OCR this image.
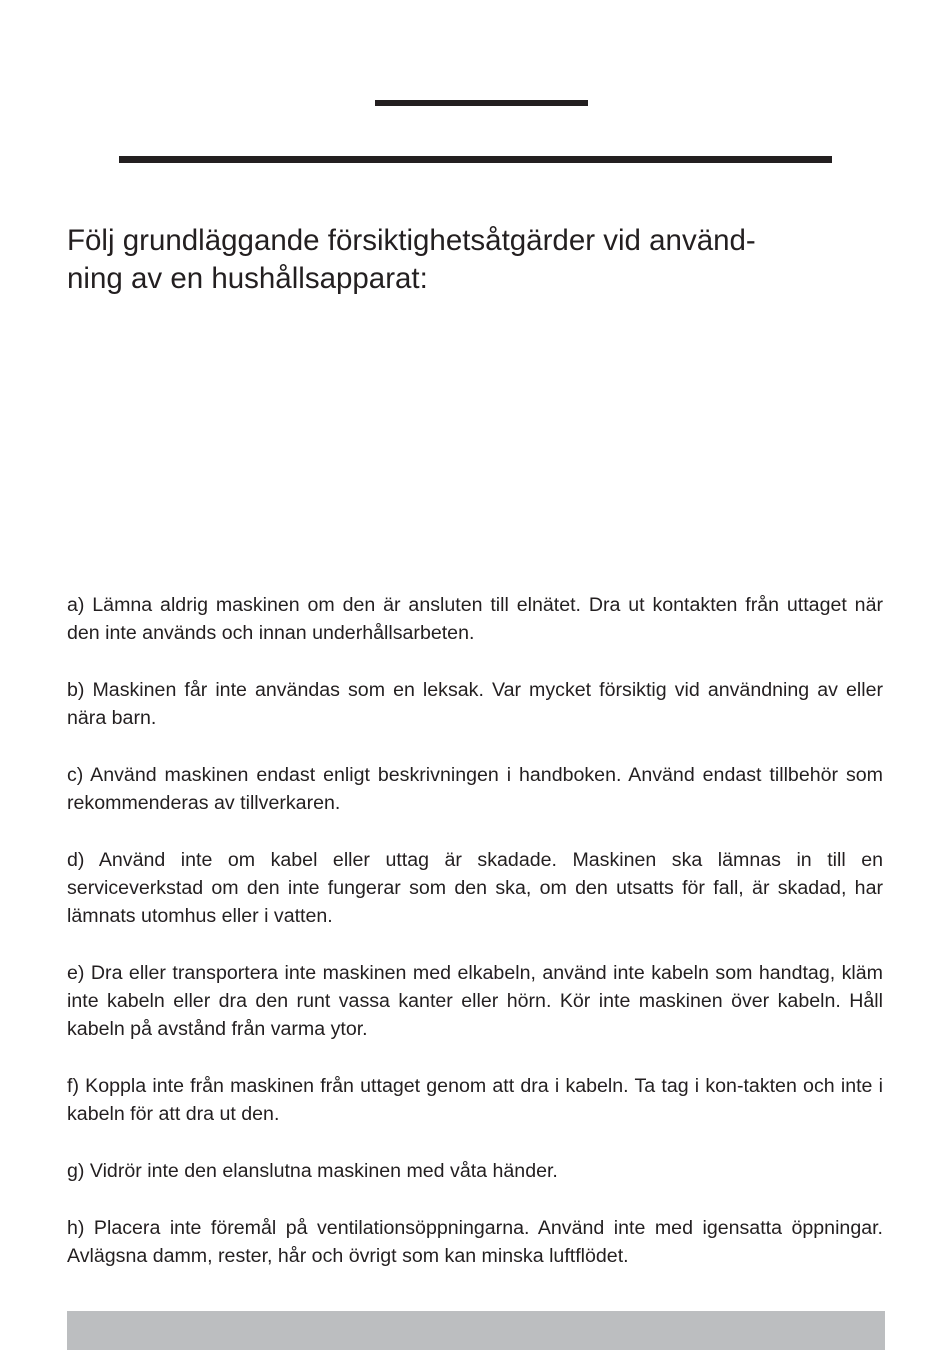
Följ grundläggande försiktighetsåtgärder vid använd-
ning av en hushållsapparat:

a) Lämna aldrig maskinen om den är ansluten till elnätet. Dra ut kontakten från uttaget när den inte används och innan underhållsarbeten.

b) Maskinen får inte användas som en leksak. Var mycket försiktig vid användning av eller nära barn.

c) Använd maskinen endast enligt beskrivningen i handboken. Använd endast tillbehör som rekommenderas av tillverkaren.

d) Använd inte om kabel eller uttag är skadade. Maskinen ska lämnas in till en serviceverkstad om den inte fungerar som den ska, om den utsatts för fall, är skadad, har lämnats utomhus eller i vatten.

e) Dra eller transportera inte maskinen med elkabeln, använd inte kabeln som handtag, kläm inte kabeln eller dra den runt vassa kanter eller hörn. Kör inte maskinen över kabeln. Håll kabeln på avstånd från varma ytor.

f) Koppla inte från maskinen från uttaget genom att dra i kabeln. Ta tag i kon-takten och inte i kabeln för att dra ut den.

g) Vidrör inte den elanslutna maskinen med våta händer.

h) Placera inte föremål på ventilationsöppningarna. Använd inte med igensatta öppningar. Avlägsna damm, rester, hår och övrigt som kan minska luftflödet.
